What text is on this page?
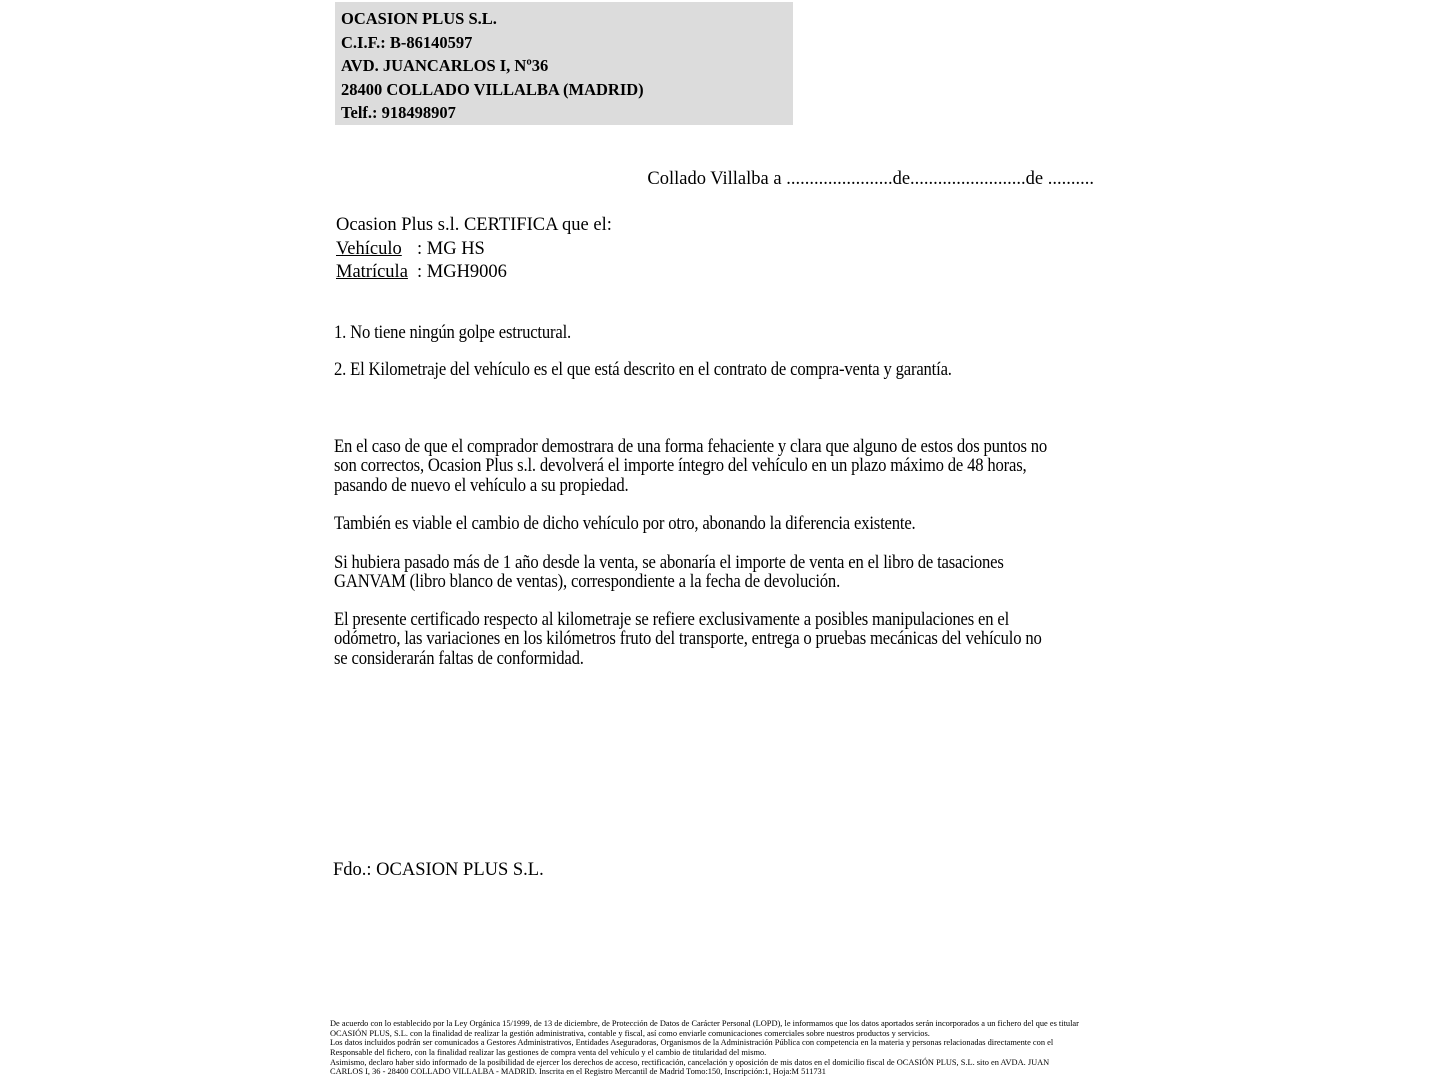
OCASION PLUS S.L.
C.I.F.: B-86140597
AVD. JUANCARLOS I, Nº36
28400 COLLADO VILLALBA (MADRID)
Telf.: 918498907
Collado Villalba a .......................de.........................de ..........
Ocasion Plus s.l. CERTIFICA que el:
Vehículo : MG HS
Matrícula : MGH9006
1. No tiene ningún golpe estructural.
2. El Kilometraje del vehículo es el que está descrito en el contrato de compra-venta y garantía.
En el caso de que el comprador demostrara de una forma fehaciente y clara que alguno de estos dos puntos no
son correctos, Ocasion Plus s.l. devolverá el importe íntegro del vehículo en un plazo máximo de 48 horas,
pasando de nuevo el vehículo a su propiedad.
También es viable el cambio de dicho vehículo por otro, abonando la diferencia existente.
Si hubiera pasado más de 1 año desde la venta, se abonaría el importe de venta en el libro de tasaciones
GANVAM (libro blanco de ventas), correspondiente a la fecha de devolución.
El presente certificado respecto al kilometraje se refiere exclusivamente a posibles manipulaciones en el
odómetro, las variaciones en los kilómetros fruto del transporte, entrega o pruebas mecánicas del vehículo no
se considerarán faltas de conformidad.
Fdo.: OCASION PLUS S.L.
De acuerdo con lo establecido por la Ley Orgánica 15/1999, de 13 de diciembre, de Protección de Datos de Carácter Personal (LOPD), le informamos que los datos aportados serán incorporados a un fichero del que es titular
OCASIÓN PLUS, S.L. con la finalidad de realizar la gestión administrativa, contable y fiscal, así como enviarle comunicaciones comerciales sobre nuestros productos y servicios.
Los datos incluidos podrán ser comunicados a Gestores Administrativos, Entidades Aseguradoras, Organismos de la Administración Pública con competencia en la materia y personas relacionadas directamente con el
Responsable del fichero, con la finalidad realizar las gestiones de compra venta del vehículo y el cambio de titularidad del mismo.
Asimismo, declaro haber sido informado de la posibilidad de ejercer los derechos de acceso, rectificación, cancelación y oposición de mis datos en el domicilio fiscal de OCASIÓN PLUS, S.L. sito en AVDA. JUAN
CARLOS I, 36 - 28400 COLLADO VILLALBA - MADRID. Inscrita en el Registro Mercantil de Madrid Tomo:150, Inscripción:1, Hoja:M 511731
